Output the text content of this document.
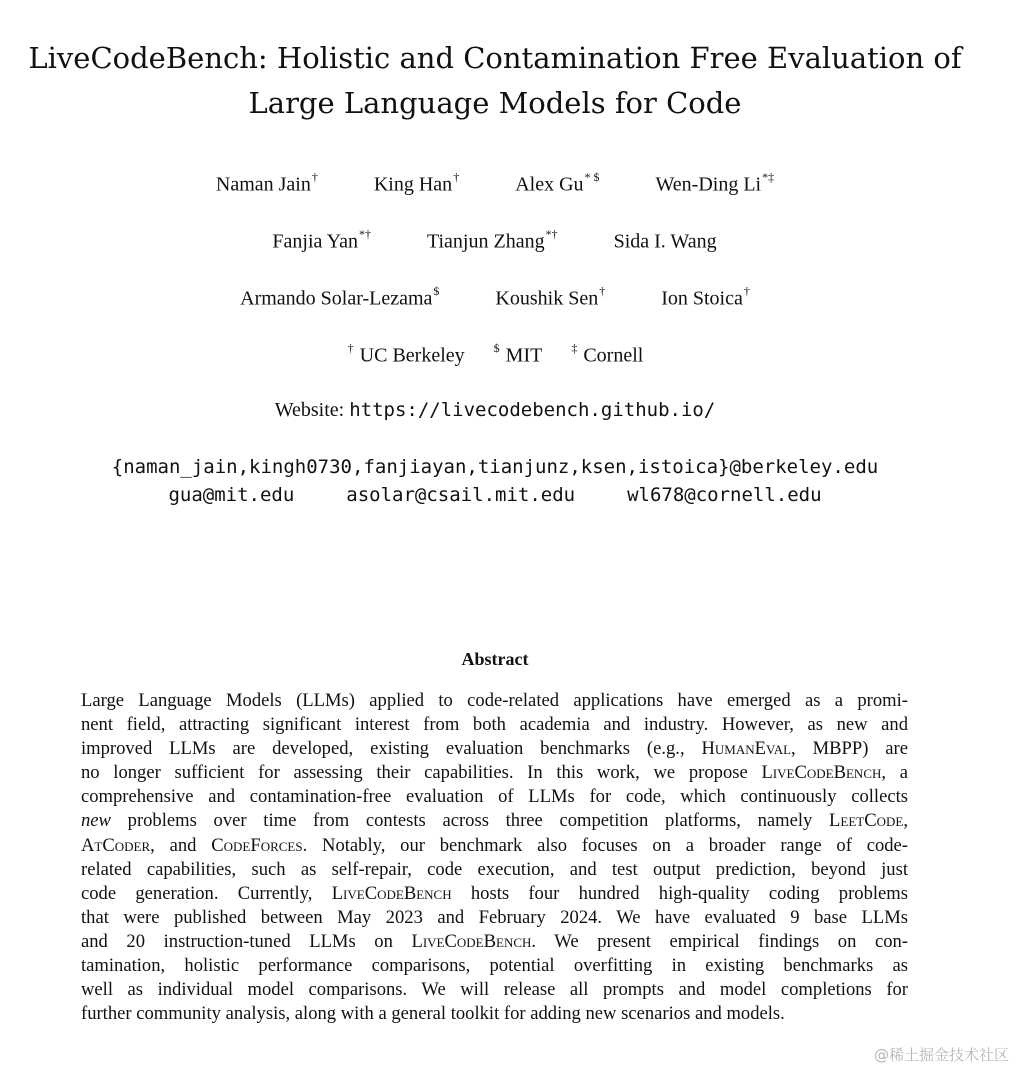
LiveCodeBench: Holistic and Contamination Free Evaluation of
Large Language Models for Code
Naman Jain†	King Han†	Alex Gu* $	Wen-Ding Li*‡
Fanjia Yan*†	Tianjun Zhang*†	Sida I. Wang
Armando Solar-Lezama$	Koushik Sen†	Ion Stoica†
† UC Berkeley $ MIT ‡ Cornell
Website: https://livecodebench.github.io/
{naman_jain,kingh0730,fanjiayan,tianjunz,ksen,istoica}@berkeley.edu
gua@mit.edu	asolar@csail.mit.edu	wl678@cornell.edu
Abstract
Large Language Models (LLMs) applied to code-related applications have emerged as a promi-
nent field, attracting significant interest from both academia and industry. However, as new and
improved LLMs are developed, existing evaluation benchmarks (e.g., HumanEval, MBPP) are
no longer sufficient for assessing their capabilities. In this work, we propose LiveCodeBench, a
comprehensive and contamination-free evaluation of LLMs for code, which continuously collects
new problems over time from contests across three competition platforms, namely LeetCode,
AtCoder, and CodeForces. Notably, our benchmark also focuses on a broader range of code-
related capabilities, such as self-repair, code execution, and test output prediction, beyond just
code generation. Currently, LiveCodeBench hosts four hundred high-quality coding problems
that were published between May 2023 and February 2024. We have evaluated 9 base LLMs
and 20 instruction-tuned LLMs on LiveCodeBench. We present empirical findings on con-
tamination, holistic performance comparisons, potential overfitting in existing benchmarks as
well as individual model comparisons. We will release all prompts and model completions for
further community analysis, along with a general toolkit for adding new scenarios and models.
@稀土掘金技术社区
